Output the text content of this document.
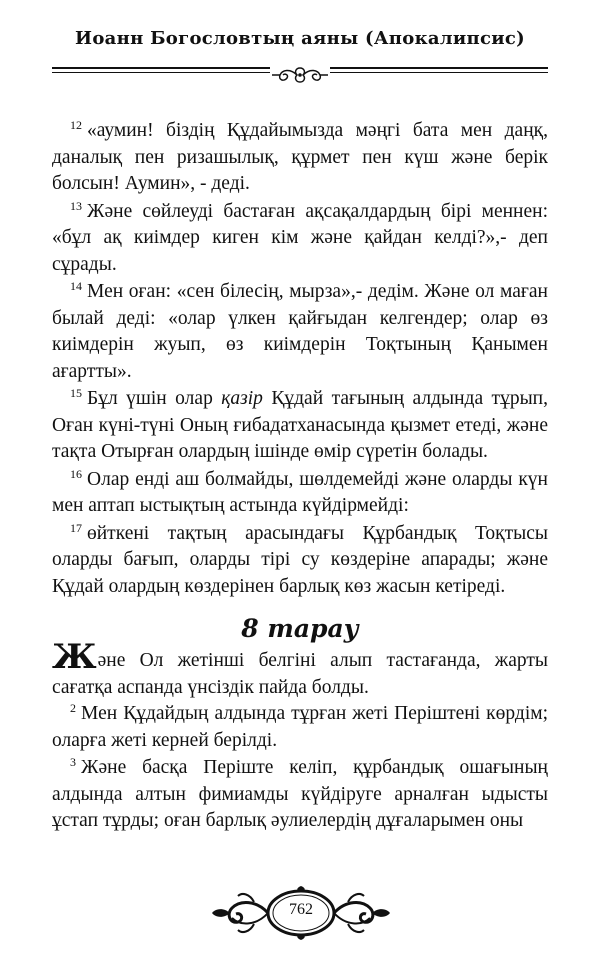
Иоанн Богословтың аяны (Апокалипсис)

$^{12}$ «аумин! біздің Құдайымызда мәңгі бата мен даңқ, даналық пен ризашылық, құрмет пен күш және берік болсын! Аумин», - деді.

$^{13}$ Және сөйлеуді бастаған ақсақалдардың бірі меннен: «бұл ақ киімдер киген кім және қайдан келді?»,- деп сұрады.

$^{14}$ Мен оған: «сен білесің, мырза»,- дедім. Және ол маған былай деді: «олар үлкен қайғыдан келгендер; олар өз киімдерін жуып, өз киімдерін Тоқтының Қанымен ағартты».

$^{15}$ Бұл үшін олар қазір Құдай тағының алдында тұрып, Оған күні-түні Оның ғибадатханасында қызмет етеді, және тақта Отырған олардың ішінде өмір сүретін болады.

$^{16}$ Олар енді аш болмайды, шөлдемейді және оларды күн мен аптап ыстықтың астында күйдірмейді:

$^{17}$ өйткені тақтың арасындағы Құрбандық Тоқтысы оларды бағып, оларды тірі су көздеріне апарады; және Құдай олардың көздерінен барлық көз жасын кетіреді.

8 тарау

Және Ол жетінші белгіні алып тастағанда, жарты сағатқа аспанда үнсіздік пайда болды.

$^2$ Мен Құдайдың алдында тұрған жеті Періштені көрдім; оларға жеті керней берілді.

$^3$ Және басқа Періште келіп, құрбандық ошағының алдында алтын фимиамды күйдіруге арналған ыдысты ұстап тұрды; оған барлық әулиелердің дұғаларымен оны

762
